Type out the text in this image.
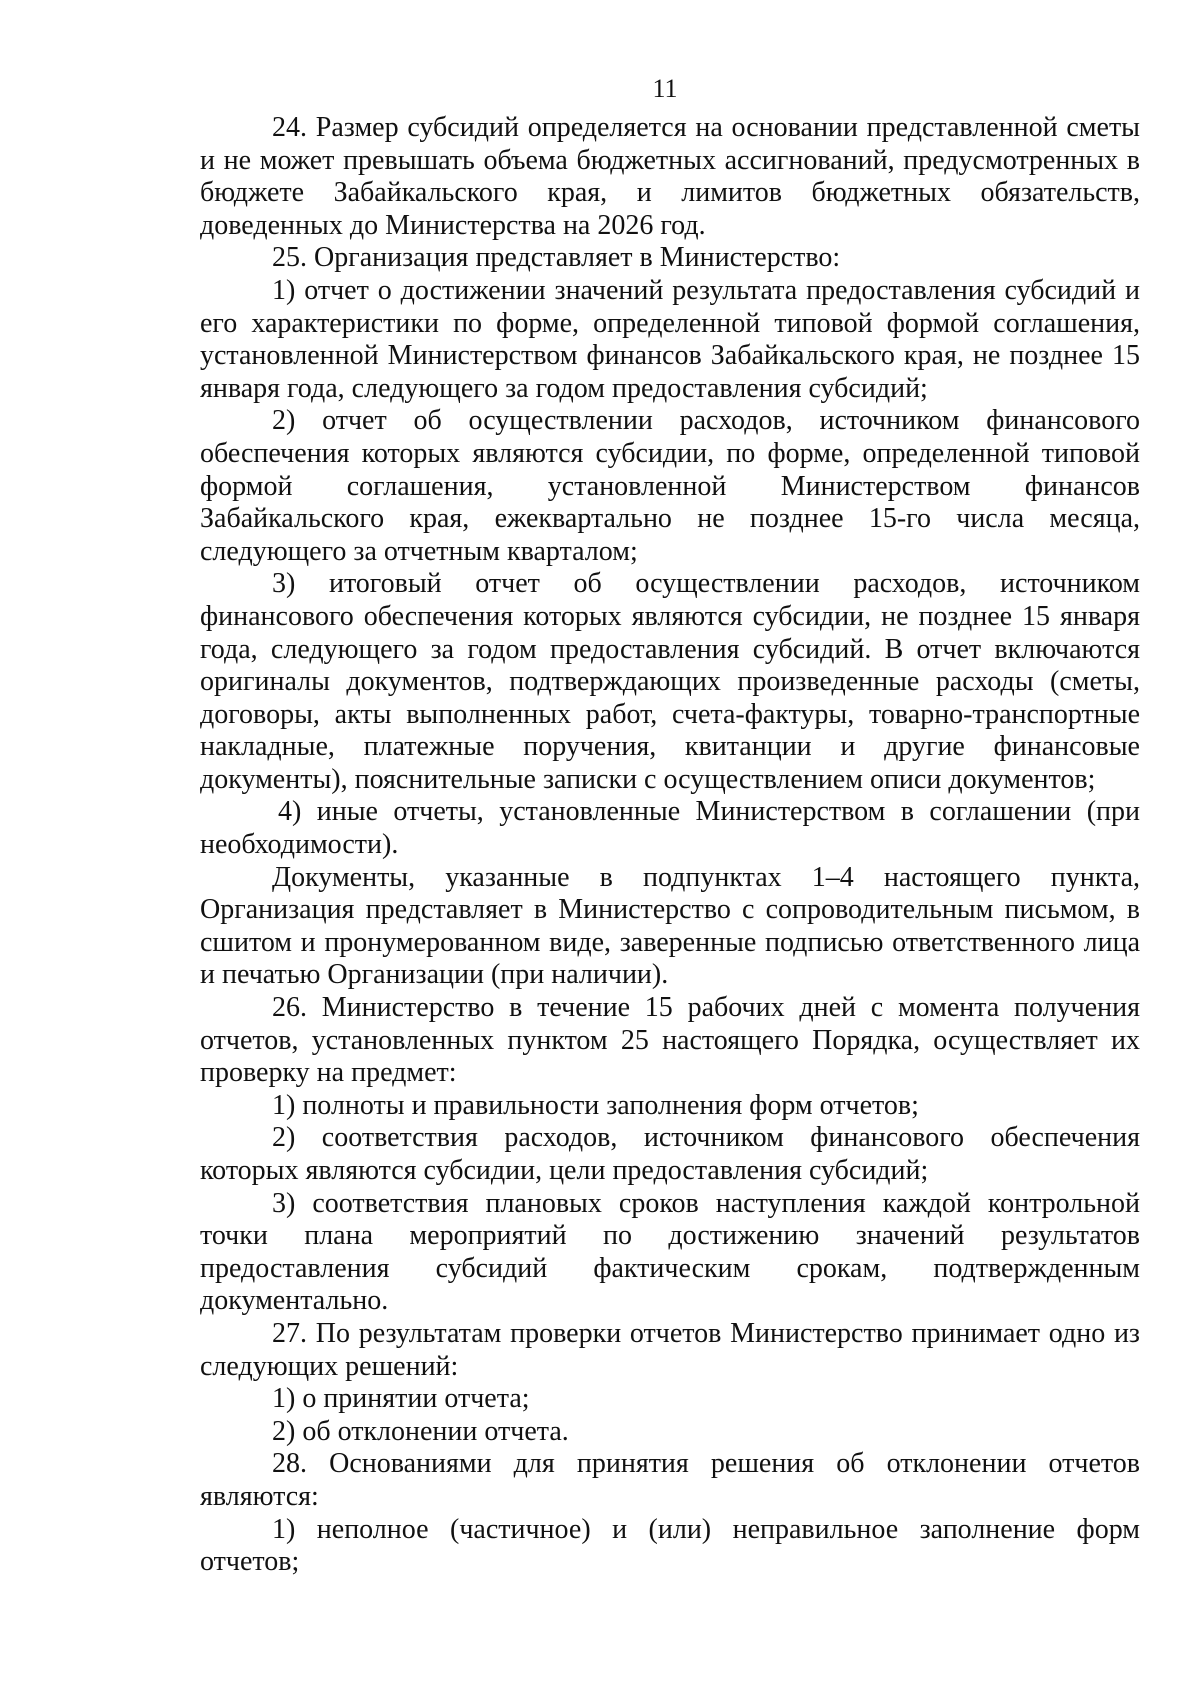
11

24. Размер субсидий определяется на основании представленной сметы и не может превышать объема бюджетных ассигнований, предусмотренных в бюджете Забайкальского края, и лимитов бюджетных обязательств, доведенных до Министерства на 2026 год.

25. Организация представляет в Министерство:

1) отчет о достижении значений результата предоставления субсидий и его характеристики по форме, определенной типовой формой соглашения, установленной Министерством финансов Забайкальского края, не позднее 15 января года, следующего за годом предоставления субсидий;

2) отчет об осуществлении расходов, источником финансового обеспечения которых являются субсидии, по форме, определенной типовой формой соглашения, установленной Министерством финансов Забайкальского края, ежеквартально не позднее 15-го числа месяца, следующего за отчетным кварталом;

3) итоговый отчет об осуществлении расходов, источником финансового обеспечения которых являются субсидии, не позднее 15 января года, следующего за годом предоставления субсидий. В отчет включаются оригиналы документов, подтверждающих произведенные расходы (сметы, договоры, акты выполненных работ, счета-фактуры, товарно-транспортные накладные, платежные поручения, квитанции и другие финансовые документы), пояснительные записки с осуществлением описи документов;

4) иные отчеты, установленные Министерством в соглашении (при необходимости).

Документы, указанные в подпунктах 1–4 настоящего пункта, Организация представляет в Министерство с сопроводительным письмом, в сшитом и пронумерованном виде, заверенные подписью ответственного лица и печатью Организации (при наличии).

26. Министерство в течение 15 рабочих дней с момента получения отчетов, установленных пунктом 25 настоящего Порядка, осуществляет их проверку на предмет:

1) полноты и правильности заполнения форм отчетов;

2) соответствия расходов, источником финансового обеспечения которых являются субсидии, цели предоставления субсидий;

3) соответствия плановых сроков наступления каждой контрольной точки плана мероприятий по достижению значений результатов предоставления субсидий фактическим срокам, подтвержденным документально.

27. По результатам проверки отчетов Министерство принимает одно из следующих решений:

1) о принятии отчета;

2) об отклонении отчета.

28. Основаниями для принятия решения об отклонении отчетов являются:

1) неполное (частичное) и (или) неправильное заполнение форм отчетов;
